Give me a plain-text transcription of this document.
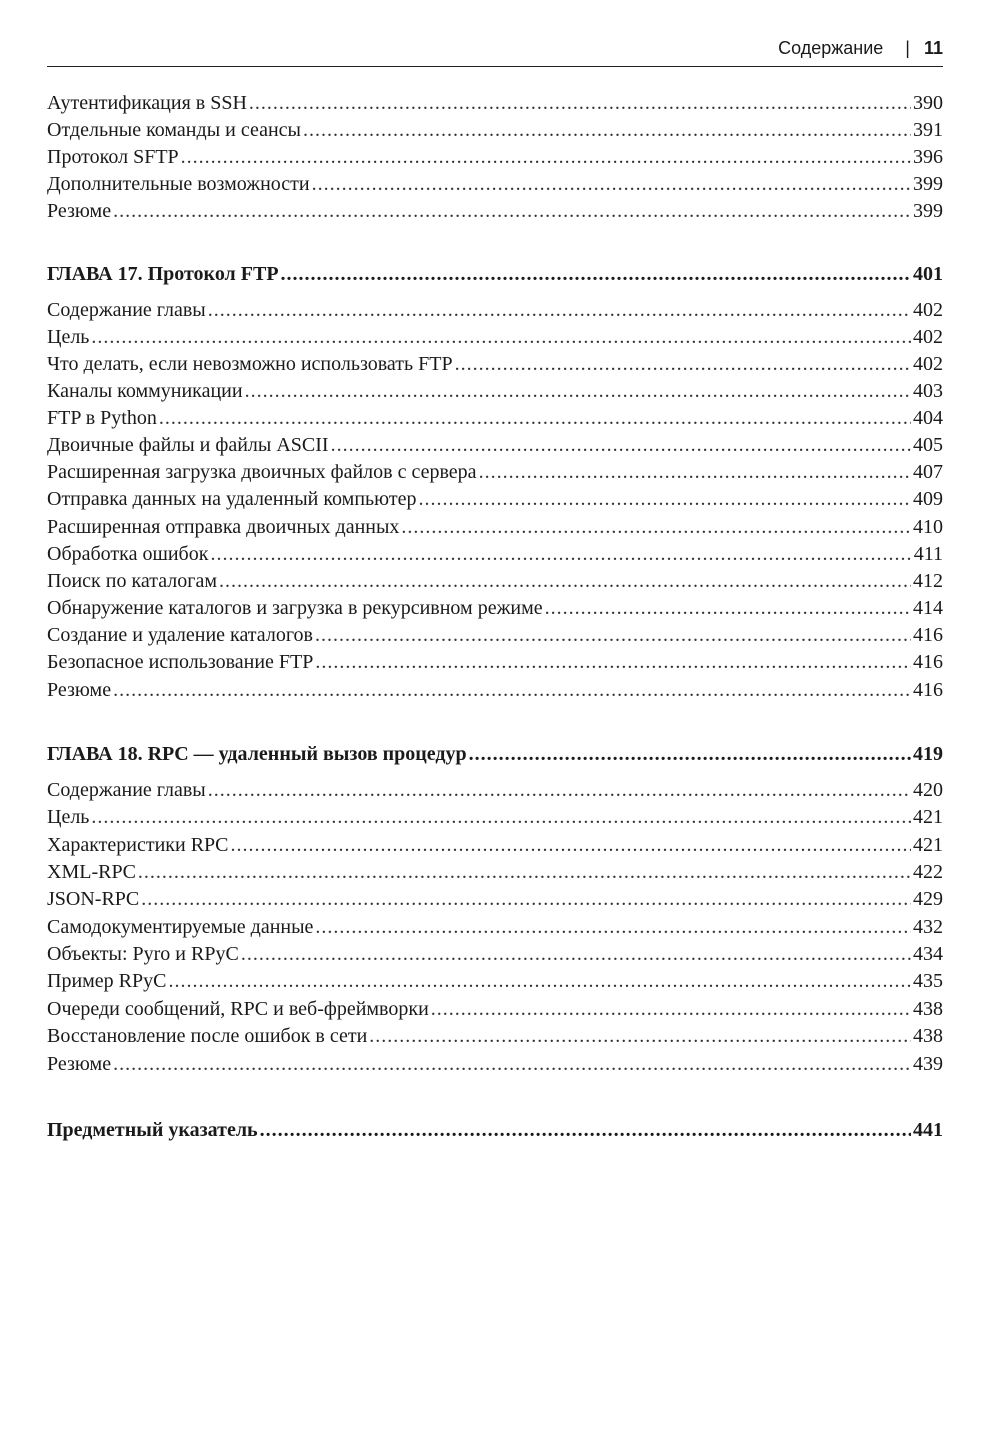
Содержание | 11
Аутентификация в SSH .....	390
Отдельные команды и сеансы .....	391
Протокол SFTP .....	396
Дополнительные возможности .....	399
Резюме .....	399
ГЛАВА 17. Протокол FTP .....	401
Содержание главы .....	402
Цель .....	402
Что делать, если невозможно использовать FTP .....	402
Каналы коммуникации .....	403
FTP в Python .....	404
Двоичные файлы и файлы ASCII .....	405
Расширенная загрузка двоичных файлов с сервера .....	407
Отправка данных на удаленный компьютер .....	409
Расширенная отправка двоичных данных .....	410
Обработка ошибок .....	411
Поиск по каталогам .....	412
Обнаружение каталогов и загрузка в рекурсивном режиме .....	414
Создание и удаление каталогов .....	416
Безопасное использование FTP .....	416
Резюме .....	416
ГЛАВА 18. RPC — удаленный вызов процедур .....	419
Содержание главы .....	420
Цель .....	421
Характеристики RPC .....	421
XML-RPC .....	422
JSON-RPC .....	429
Самодокументируемые данные .....	432
Объекты: Pyro и RPyC .....	434
Пример RPyC .....	435
Очереди сообщений, RPC и веб-фреймворки .....	438
Восстановление после ошибок в сети .....	438
Резюме .....	439
Предметный указатель .....	441
